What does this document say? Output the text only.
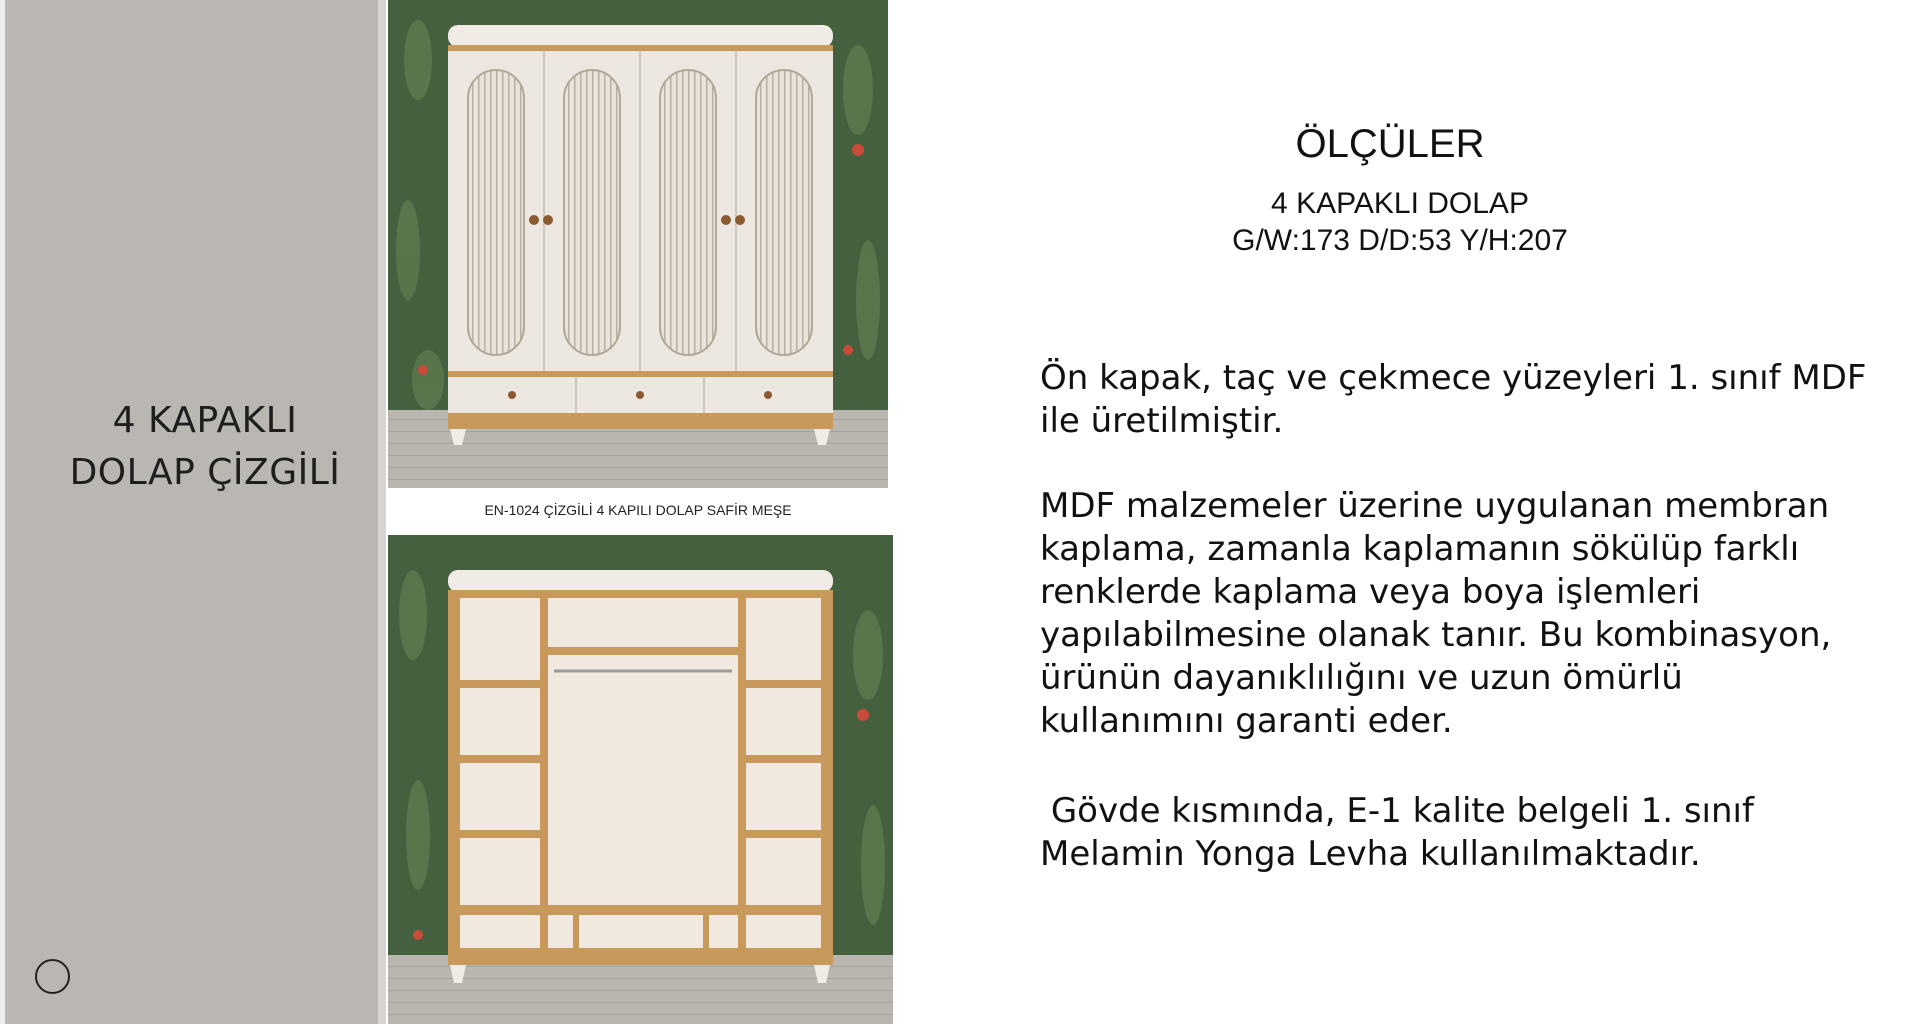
4 KAPAKLI
DOLAP ÇİZGİLİ
EN-1024 ÇİZGİLİ 4 KAPILI DOLAP SAFİR MEŞE
ÖLÇÜLER
4 KAPAKLI DOLAP
G/W:173 D/D:53 Y/H:207

Ön kapak, taç ve çekmece yüzeyleri 1. sınıf MDF ile üretilmiştir.

MDF malzemeler üzerine uygulanan membran kaplama, zamanla kaplamanın sökülüp farklı renklerde kaplama veya boya işlemleri yapılabilmesine olanak tanır. Bu kombinasyon, ürünün dayanıklılığını ve uzun ömürlü kullanımını garanti eder.

Gövde kısmında, E-1 kalite belgeli 1. sınıf Melamin Yonga Levha kullanılmaktadır.
